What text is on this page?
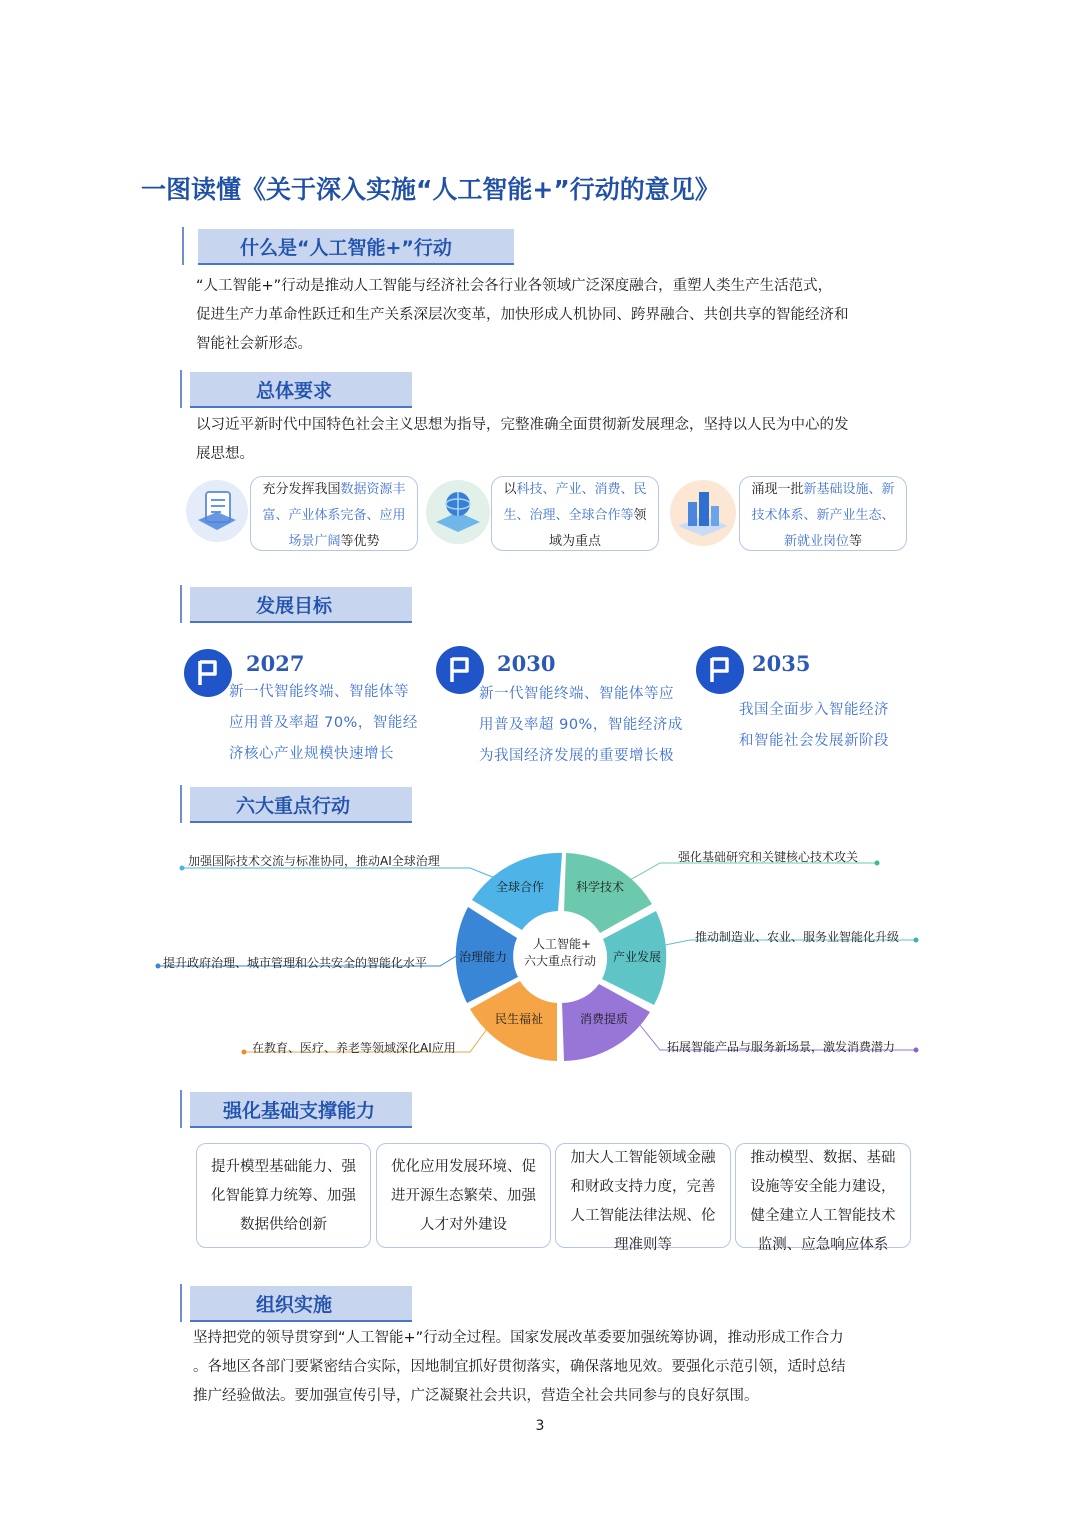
一图读懂《关于深入实施“人工智能+”行动的意见》
什么是“人工智能+”行动
“人工智能+”行动是推动人工智能与经济社会各行业各领域广泛深度融合，重塑人类生产生活范式，
促进生产力革命性跃迁和生产关系深层次变革，加快形成人机协同、跨界融合、共创共享的智能经济和
智能社会新形态。
总体要求
以习近平新时代中国特色社会主义思想为指导，完整准确全面贯彻新发展理念，坚持以人民为中心的发
展思想。
充分发挥我国数据资源丰
富、产业体系完备、应用
场景广阔等优势
以科技、产业、消费、民
生、治理、全球合作等领
域为重点
涌现一批新基础设施、新
技术体系、新产业生态、
新就业岗位等
发展目标
2027
新一代智能终端、智能体等
应用普及率超 70%，智能经
济核心产业规模快速增长
2030
新一代智能终端、智能体等应
用普及率超 90%，智能经济成
为我国经济发展的重要增长极
2035
我国全面步入智能经济
和智能社会发展新阶段
六大重点行动
加强国际技术交流与标准协同，推动AI全球治理	强化基础研究和关键核心技术攻关
推动制造业、农业、服务业智能化升级
提升政府治理、城市管理和公共安全的智能化水平
在教育、医疗、养老等领域深化AI应用	拓展智能产品与服务新场景，激发消费潜力
全球合作	科学技术
产业发展
消费提质
民生福祉
治理能力
人工智能+
六大重点行动
强化基础支撑能力
提升模型基础能力、强
化智能算力统筹、加强
数据供给创新
优化应用发展环境、促
进开源生态繁荣、加强
人才对外建设
加大人工智能领域金融
和财政支持力度，完善
人工智能法律法规、伦
理准则等
推动模型、数据、基础
设施等安全能力建设，
健全建立人工智能技术
监测、应急响应体系
组织实施
坚持把党的领导贯穿到“人工智能+”行动全过程。国家发展改革委要加强统筹协调，推动形成工作合力
。各地区各部门要紧密结合实际，因地制宜抓好贯彻落实，确保落地见效。要强化示范引领，适时总结
推广经验做法。要加强宣传引导，广泛凝聚社会共识，营造全社会共同参与的良好氛围。
3
